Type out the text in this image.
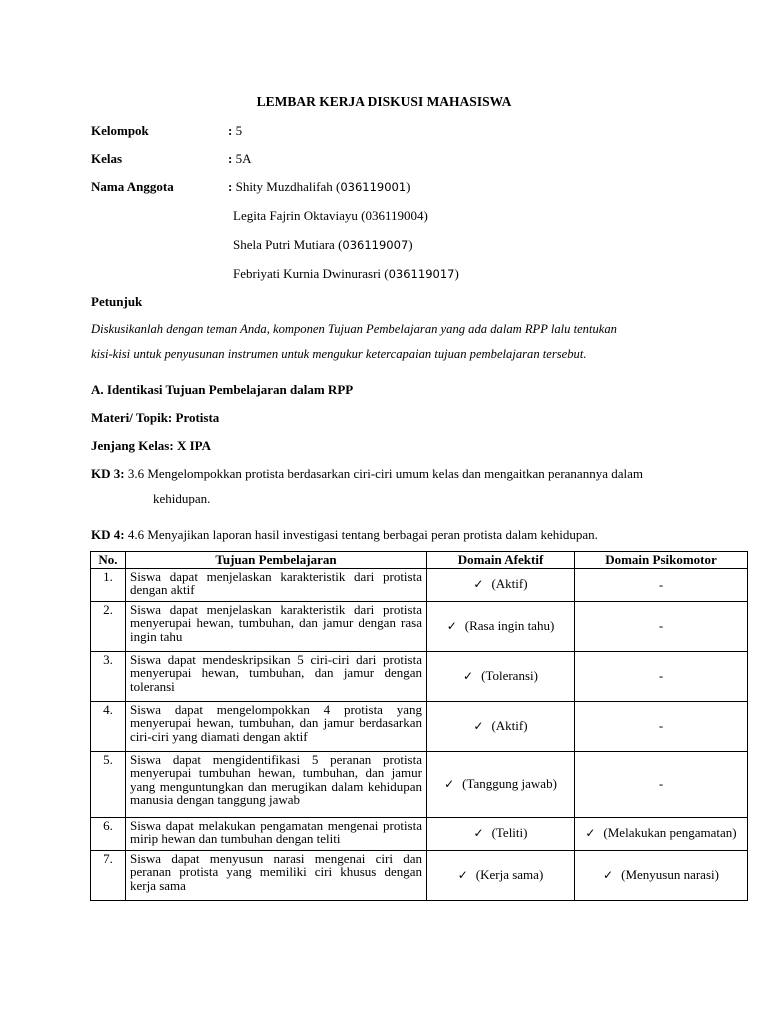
LEMBAR KERJA DISKUSI MAHASISWA
Kelompok	: 5
Kelas	: 5A
Nama Anggota	: Shity Muzdhalifah (036119001)
Legita Fajrin Oktaviayu (036119004)
Shela Putri Mutiara (036119007)
Febriyati Kurnia Dwinurasri (036119017)
Petunjuk
Diskusikanlah dengan teman Anda, komponen Tujuan Pembelajaran yang ada dalam RPP lalu tentukan
kisi-kisi untuk penyusunan instrumen untuk mengukur ketercapaian tujuan pembelajaran tersebut.
A. Identikasi Tujuan Pembelajaran dalam RPP
Materi/ Topik: Protista
Jenjang Kelas: X IPA
KD 3: 3.6 Mengelompokkan protista berdasarkan ciri-ciri umum kelas dan mengaitkan peranannya dalam
kehidupan.
KD 4: 4.6 Menyajikan laporan hasil investigasi tentang berbagai peran protista dalam kehidupan.
No.	Tujuan Pembelajaran	Domain Afektif	Domain Psikomotor
1.	Siswa dapat menjelaskan karakteristik dari protista dengan aktif	✓ (Aktif)	-
2.	Siswa dapat menjelaskan karakteristik dari protista menyerupai hewan, tumbuhan, dan jamur dengan rasa ingin tahu	✓ (Rasa ingin tahu)	-
3.	Siswa dapat mendeskripsikan 5 ciri-ciri dari protista menyerupai hewan, tumbuhan, dan jamur dengan toleransi	✓ (Toleransi)	-
4.	Siswa dapat mengelompokkan 4 protista yang menyerupai hewan, tumbuhan, dan jamur berdasarkan ciri-ciri yang diamati dengan aktif	✓ (Aktif)	-
5.	Siswa dapat mengidentifikasi 5 peranan protista menyerupai tumbuhan hewan, tumbuhan, dan jamur yang menguntungkan dan merugikan dalam kehidupan manusia dengan tanggung jawab	✓ (Tanggung jawab)	-
6.	Siswa dapat melakukan pengamatan mengenai protista mirip hewan dan tumbuhan dengan teliti	✓ (Teliti)	✓ (Melakukan pengamatan)
7.	Siswa dapat menyusun narasi mengenai ciri dan peranan protista yang memiliki ciri khusus dengan kerja sama	✓ (Kerja sama)	✓ (Menyusun narasi)
